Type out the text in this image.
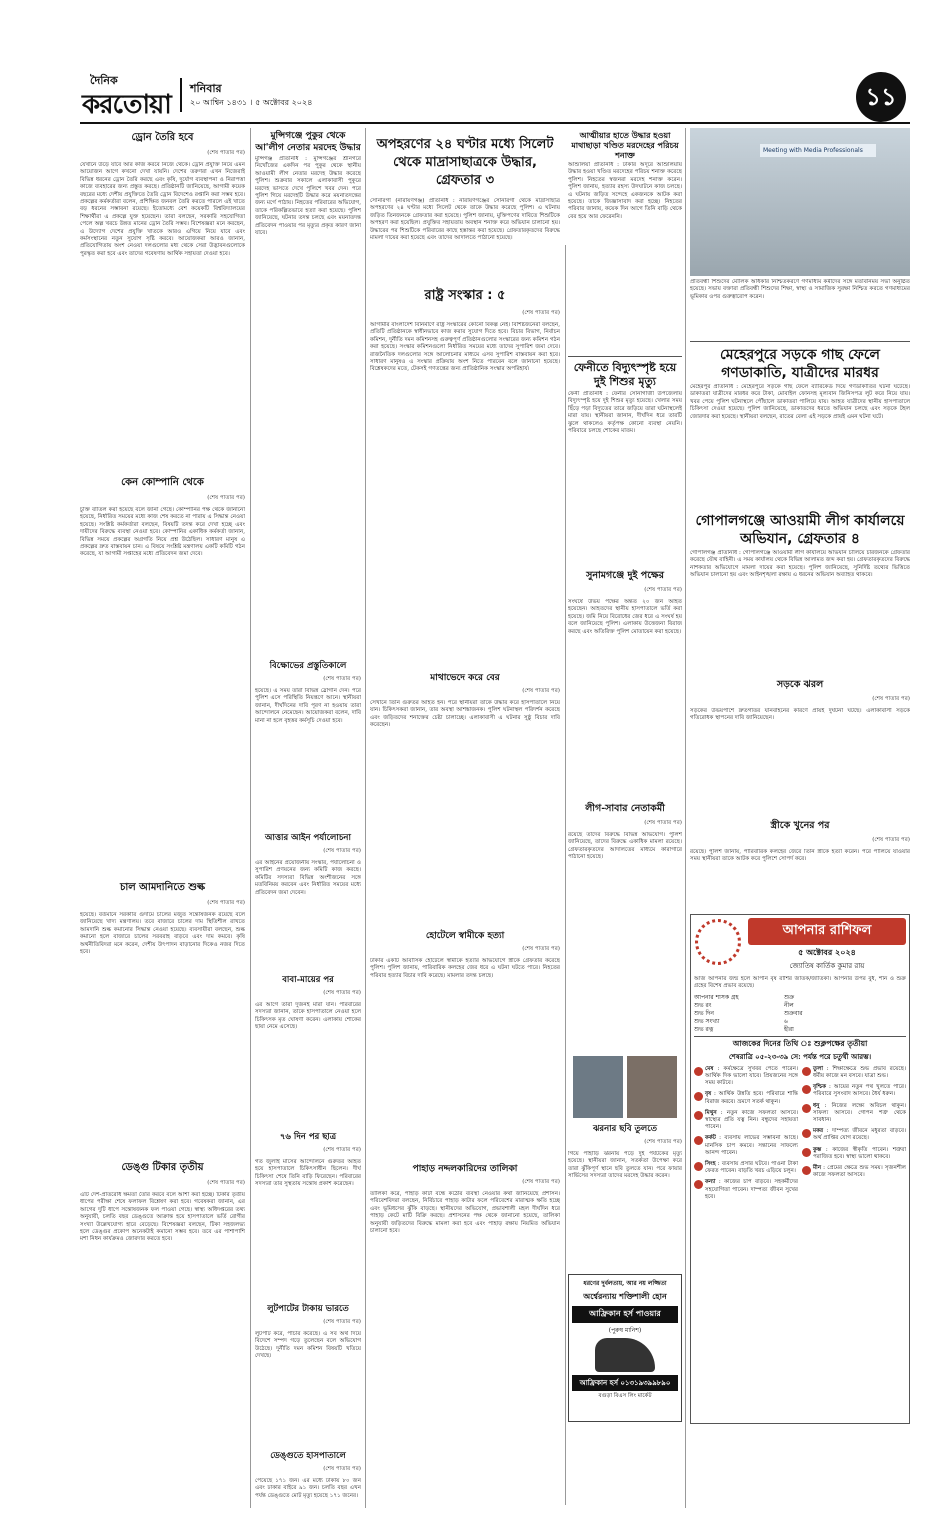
দৈনিক
করতোয়া
শনিবার
২০ আশ্বিন ১৪৩১ । ৫ অক্টোবর ২০২৪	১১
ড্রোন তৈরি হবে
(শেষ পাতার পর)

যেখানে উড়ে যাবে আর কাজ করবে নিজে থেকে। ড্রোন প্রযুক্তি নিয়ে এমন আয়োজন আগে কখনো দেখা যায়নি। দেশের তরুণরা এখন নিজেরাই বিভিন্ন ধরনের ড্রোন তৈরি করছে এবং কৃষি, দুর্যোগ ব্যবস্থাপনা ও নিরাপত্তা কাজে ব্যবহারের জন্য প্রস্তুত করছে। প্রতিষ্ঠানটি জানিয়েছে, আগামী কয়েক বছরের মধ্যে দেশীয় প্রযুক্তিতে তৈরি ড্রোন বিদেশেও রপ্তানি করা সম্ভব হবে। প্রকল্পের কর্মকর্তারা বলেন, প্রশিক্ষিত জনবল তৈরি করতে পারলে এই খাতে বড় ধরনের সম্ভাবনা রয়েছে। ইতোমধ্যে বেশ কয়েকটি বিশ্ববিদ্যালয়ের শিক্ষার্থীরা এ প্রকল্পে যুক্ত হয়েছেন। তারা বলছেন, সরকারি সহযোগিতা পেলে অল্প খরচে উন্নত মানের ড্রোন তৈরি সম্ভব। বিশেষজ্ঞরা মনে করছেন, এ উদ্যোগ দেশের প্রযুক্তি খাতকে আরও এগিয়ে নিয়ে যাবে এবং কর্মসংস্থানের নতুন সুযোগ সৃষ্টি করবে। আয়োজকরা আরও জানান, প্রতিযোগিতায় অংশ নেওয়া দলগুলোর মধ্য থেকে সেরা উদ্ভাবনগুলোকে পুরস্কৃত করা হবে এবং তাদের গবেষণায় আর্থিক সহায়তা দেওয়া হবে।

কেন কোম্পানি থেকে
(শেষ পাতার পর)

চুক্তি বাতিল করা হয়েছে বলে জানা গেছে। কোম্পানির পক্ষ থেকে জানানো হয়েছে, নির্ধারিত সময়ের মধ্যে কাজ শেষ করতে না পারায় এ সিদ্ধান্ত নেওয়া হয়েছে। সংশ্লিষ্ট কর্মকর্তারা বলছেন, বিষয়টি তদন্ত করে দেখা হচ্ছে এবং দায়ীদের বিরুদ্ধে ব্যবস্থা নেওয়া হবে। কোম্পানির একাধিক কর্মকর্তা জানান, বিভিন্ন সময়ে প্রকল্পের অগ্রগতি নিয়ে প্রশ্ন উঠেছিল। সাধারণ মানুষ এ প্রকল্পের দ্রুত বাস্তবায়ন চান। এ বিষয়ে সংশ্লিষ্ট মন্ত্রণালয় একটি কমিটি গঠন করেছে, যা আগামী সপ্তাহের মধ্যে প্রতিবেদন জমা দেবে।

চাল আমদানিতে শুল্ক
(শেষ পাতার পর)

হয়েছে। বর্তমানে সরকারি গুদামে চালের মজুত সন্তোষজনক রয়েছে বলে জানিয়েছে খাদ্য মন্ত্রণালয়। তবে বাজারে চালের দাম স্থিতিশীল রাখতে আমদানি শুল্ক কমানোর সিদ্ধান্ত নেওয়া হয়েছে। ব্যবসায়ীরা বলছেন, শুল্ক কমানো হলে বাজারে চালের সরবরাহ বাড়বে এবং দাম কমবে। কৃষি অর্থনীতিবিদরা মনে করেন, দেশীয় উৎপাদন বাড়ানোর দিকেও নজর দিতে হবে।

ডেঙ্গু টিকার তৃতীয়
(শেষ পাতার পর)

এটি দেশ-প্রতিরোধ ক্ষমতা তৈরি করবে বলে আশা করা হচ্ছে। টিকার তৃতীয় ধাপের পরীক্ষা শেষে ফলাফল বিশ্লেষণ করা হবে। গবেষকরা জানান, এর আগের দুটি ধাপে সন্তোষজনক ফল পাওয়া গেছে। স্বাস্থ্য অধিদপ্তরের তথ্য অনুযায়ী, চলতি বছর ডেঙ্গুতে আক্রান্ত হয়ে হাসপাতালে ভর্তি রোগীর সংখ্যা উল্লেখযোগ্য হারে বেড়েছে। বিশেষজ্ঞরা বলছেন, টিকা সহজলভ্য হলে ডেঙ্গুর প্রকোপ অনেকটাই কমানো সম্ভব হবে। তবে এর পাশাপাশি মশা নিধন কার্যক্রমও জোরদার করতে হবে।

মুন্সিগঞ্জে পুকুর থেকে আ'লীগ নেতার মরদেহ উদ্ধার

মুন্সিগঞ্জ প্রতিনিধি : মুন্সিগঞ্জের শ্রীনগরে নিখোঁজের একদিন পর পুকুর থেকে স্থানীয় আওয়ামী লীগ নেতার মরদেহ উদ্ধার করেছে পুলিশ। শুক্রবার সকালে এলাকাবাসী পুকুরে মরদেহ ভাসতে দেখে পুলিশে খবর দেন। পরে পুলিশ গিয়ে মরদেহটি উদ্ধার করে ময়নাতদন্তের জন্য মর্গে পাঠায়। নিহতের পরিবারের অভিযোগ, তাকে পরিকল্পিতভাবে হত্যা করা হয়েছে। পুলিশ জানিয়েছে, ঘটনার তদন্ত চলছে এবং ময়নাতদন্ত প্রতিবেদন পাওয়ার পর মৃত্যুর প্রকৃত কারণ জানা যাবে।

বিক্ষোভের প্রস্তুতিকালে
(শেষ পাতার পর)

হয়েছে। এ সময় তারা বিভিন্ন স্লোগান দেন। পরে পুলিশ এসে পরিস্থিতি নিয়ন্ত্রণে আনে। স্থানীয়রা জানান, দীর্ঘদিনের দাবি পূরণ না হওয়ায় তারা আন্দোলনে নেমেছেন। আয়োজকরা বলেন, দাবি মানা না হলে বৃহত্তর কর্মসূচি দেওয়া হবে।

আত্তার আইন পর্যালোচনা
(শেষ পাতার পর)

এর আইনের প্রয়োজনীয় সংস্কার, পর্যালোচনা ও সুপারিশ প্রণয়নের জন্য কমিটি কাজ করছে। কমিটির সদস্যরা বিভিন্ন অংশীজনের সঙ্গে মতবিনিময় করবেন এবং নির্ধারিত সময়ের মধ্যে প্রতিবেদন জমা দেবেন।

বাবা-মায়ের পর
(শেষ পাতার পর)

এর আগে তারা দুজনই মারা যান। পরিবারের সদস্যরা জানান, তাকে হাসপাতালে নেওয়া হলে চিকিৎসক মৃত ঘোষণা করেন। এলাকায় শোকের ছায়া নেমে এসেছে।

৭৬ দিন পর ছাত্র
(শেষ পাতার পর)

গত জুলাই মাসের আন্দোলনে গুরুতর আহত হয়ে হাসপাতালে চিকিৎসাধীন ছিলেন। দীর্ঘ চিকিৎসা শেষে তিনি বাড়ি ফিরেছেন। পরিবারের সদস্যরা তার সুস্থতায় সন্তোষ প্রকাশ করেছেন।

লুটপাটের টাকায় ভারতে
(শেষ পাতার পর)

লুটপাট করে, পাচার করেছে। এ সব অর্থ দিয়ে বিদেশে সম্পদ গড়ে তুলেছেন বলে অভিযোগ উঠেছে। দুর্নীতি দমন কমিশন বিষয়টি খতিয়ে দেখছে।

ডেঙ্গুতে হাসপাতালে
(শেষ পাতার পর)

পেয়েছে ১৭১ জন। এর মধ্যে ঢাকায় ৮০ জন এবং ঢাকার বাইরে ৯১ জন। চলতি বছর এখন পর্যন্ত ডেঙ্গুতে মোট মৃত্যু হয়েছে ১৭১ জনের।

অপহরণের ২৪ ঘণ্টার মধ্যে সিলেট থেকে মাদ্রাসাছাত্রকে উদ্ধার, গ্রেফতার ৩

সোনারগাঁ (নারায়ণগঞ্জ) প্রতিনিধি : নারায়ণগঞ্জের সোনারগাঁ থেকে মাদ্রাসাছাত্র অপহরণের ২৪ ঘণ্টার মধ্যে সিলেট থেকে তাকে উদ্ধার করেছে পুলিশ। এ ঘটনায় জড়িত তিনজনকে গ্রেফতার করা হয়েছে। পুলিশ জানায়, মুক্তিপণের দাবিতে শিশুটিকে অপহরণ করা হয়েছিল। প্রযুক্তির সহায়তায় অবস্থান শনাক্ত করে অভিযান চালানো হয়। উদ্ধারের পর শিশুটিকে পরিবারের কাছে হস্তান্তর করা হয়েছে। গ্রেফতারকৃতদের বিরুদ্ধে মামলা দায়ের করা হয়েছে এবং তাদের আদালতে পাঠানো হয়েছে।

রাষ্ট্র সংস্কার : ৫
(শেষ পাতার পর)

আগামীর বাংলাদেশ বিনির্মাণে রাষ্ট্র সংস্কারের কোনো বিকল্প নেই। বিশিষ্টজনেরা বলছেন, প্রতিটি প্রতিষ্ঠানকে স্বাধীনভাবে কাজ করার সুযোগ দিতে হবে। বিচার বিভাগ, নির্বাচন কমিশন, দুর্নীতি দমন কমিশনসহ গুরুত্বপূর্ণ প্রতিষ্ঠানগুলোর সংস্কারের জন্য কমিশন গঠন করা হয়েছে। সংস্কার কমিশনগুলো নির্ধারিত সময়ের মধ্যে তাদের সুপারিশ জমা দেবে। রাজনৈতিক দলগুলোর সঙ্গে আলোচনার মাধ্যমে এসব সুপারিশ বাস্তবায়ন করা হবে। সাধারণ মানুষও এ সংস্কার প্রক্রিয়ায় অংশ নিতে পারবেন বলে জানানো হয়েছে। বিশ্লেষকদের মতে, টেকসই গণতন্ত্রের জন্য প্রাতিষ্ঠানিক সংস্কার অপরিহার্য।

মাথাভেদে করে বের
(শেষ পাতার পর)

সেখানে তিনি গুরুতর আহত হন। পরে স্থানীয়রা তাকে উদ্ধার করে হাসপাতালে নিয়ে যান। চিকিৎসকরা জানান, তার অবস্থা আশঙ্কাজনক। পুলিশ ঘটনাস্থল পরিদর্শন করেছে এবং জড়িতদের শনাক্তের চেষ্টা চালাচ্ছে। এলাকাবাসী এ ঘটনার সুষ্ঠু বিচার দাবি করেছেন।

হোটেলে স্বামীকে হত্যা
(শেষ পাতার পর)

ঢাকার একটি আবাসিক হোটেলে স্বামীকে হত্যার অভিযোগে স্ত্রীকে গ্রেফতার করেছে পুলিশ। পুলিশ জানায়, পারিবারিক কলহের জের ধরে এ ঘটনা ঘটতে পারে। নিহতের পরিবার হত্যার বিচার দাবি করেছে। মামলার তদন্ত চলছে।

পাহাড় নদ্দলকারিদের তালিকা
(শেষ পাতার পর)

তালিকা করে, পাহাড় কাটা বন্ধে কঠোর ব্যবস্থা নেওয়ার কথা জানিয়েছে প্রশাসন। পরিবেশবিদরা বলছেন, নির্বিচারে পাহাড় কাটার ফলে পরিবেশের মারাত্মক ক্ষতি হচ্ছে এবং ভূমিধসের ঝুঁকি বাড়ছে। স্থানীয়দের অভিযোগ, প্রভাবশালী মহল দীর্ঘদিন ধরে পাহাড় কেটে মাটি বিক্রি করছে। প্রশাসনের পক্ষ থেকে জানানো হয়েছে, তালিকা অনুযায়ী জড়িতদের বিরুদ্ধে মামলা করা হবে এবং পাহাড় রক্ষায় নিয়মিত অভিযান চালানো হবে।

আত্মীয়ার হাতে উদ্ধার হওয়া মাথাছাড়া খণ্ডিত মরদেহের পরিচয় শনাক্ত

আশুলিয়া প্রতিনিধি : ঢাকার অদূরে আশুলিয়ায় উদ্ধার হওয়া খণ্ডিত মরদেহের পরিচয় শনাক্ত করেছে পুলিশ। নিহতের স্বজনরা মরদেহ শনাক্ত করেন। পুলিশ জানায়, হত্যার রহস্য উদঘাটনে কাজ চলছে। এ ঘটনায় জড়িত সন্দেহে একজনকে আটক করা হয়েছে। তাকে জিজ্ঞাসাবাদ করা হচ্ছে। নিহতের পরিবার জানায়, কয়েক দিন আগে তিনি বাড়ি থেকে বের হয়ে আর ফেরেননি।

ফেনীতে বিদ্যুৎস্পৃষ্ট হয়ে দুই শিশুর মৃত্যু

ফেনী প্রতিনিধি : ফেনীর সোনাগাজী উপজেলায় বিদ্যুৎস্পৃষ্ট হয়ে দুই শিশুর মৃত্যু হয়েছে। খেলার সময় ছিঁড়ে পড়া বিদ্যুতের তারে জড়িয়ে তারা ঘটনাস্থলেই মারা যায়। স্থানীয়রা জানান, দীর্ঘদিন ধরে তারটি ঝুলে থাকলেও কর্তৃপক্ষ কোনো ব্যবস্থা নেয়নি। পরিবারে চলছে শোকের মাতম।

সুনামগঞ্জে দুই পক্ষের
(শেষ পাতার পর)

সংঘর্ষে উভয় পক্ষের অন্তত ২০ জন আহত হয়েছেন। আহতদের স্থানীয় হাসপাতালে ভর্তি করা হয়েছে। জমি নিয়ে বিরোধের জের ধরে এ সংঘর্ষ হয় বলে জানিয়েছে পুলিশ। এলাকায় উত্তেজনা বিরাজ করছে এবং অতিরিক্ত পুলিশ মোতায়েন করা হয়েছে।

লীগ-সাবার নেতাকর্মী
(শেষ পাতার পর)

রয়েছে তাদের বিরুদ্ধে বিভিন্ন অভিযোগ। পুলিশ জানিয়েছে, তাদের বিরুদ্ধে একাধিক মামলা রয়েছে। গ্রেফতারকৃতদের আদালতের মাধ্যমে কারাগারে পাঠানো হয়েছে।

ঝরনার ছবি তুলতে
(শেষ পাতার পর)

গিয়ে পাহাড়ি ঝরনায় পড়ে দুই পর্যটকের মৃত্যু হয়েছে। স্থানীয়রা জানান, সতর্কতা উপেক্ষা করে তারা ঝুঁকিপূর্ণ স্থানে ছবি তুলতে যান। পরে ফায়ার সার্ভিসের সদস্যরা তাদের মরদেহ উদ্ধার করেন।

ধরণের দুর্বলতায়, আর নয় লজ্জিতা
অর্শ্বেরন্যায় শক্তিশালী হোন
আফ্রিকান হর্স পাওয়ার
(পুরুষ মানিশ)
আফ্রিকান হর্স ০১৩১৯৩৯৯৮৯০
বগুড়া বিএস লিং মার্কেট
Meeting with Media Professionals

প্রতিবন্ধী শিশুদের মৌলিক অধিকার নিশ্চিতকরণে গণমাধ্যম কর্মীদের সঙ্গে মতবিনিময় সভা অনুষ্ঠিত হয়েছে। সভায় বক্তারা প্রতিবন্ধী শিশুদের শিক্ষা, স্বাস্থ্য ও সামাজিক সুরক্ষা নিশ্চিত করতে গণমাধ্যমের ভূমিকার ওপর গুরুত্বারোপ করেন।

মেহেরপুরে সড়কে গাছ ফেলে গণডাকাতি, যাত্রীদের মারধর

মেহেরপুর প্রতিনিধি : মেহেরপুরে সড়কে গাছ ফেলে ব্যারিকেড দিয়ে গণডাকাতির ঘটনা ঘটেছে। ডাকাতরা যাত্রীদের মারধর করে টাকা, মোবাইল ফোনসহ মূল্যবান জিনিসপত্র লুট করে নিয়ে যায়। খবর পেয়ে পুলিশ ঘটনাস্থলে পৌঁছালে ডাকাতরা পালিয়ে যায়। আহত যাত্রীদের স্থানীয় হাসপাতালে চিকিৎসা দেওয়া হয়েছে। পুলিশ জানিয়েছে, ডাকাতদের ধরতে অভিযান চলছে এবং সড়কে টহল জোরদার করা হয়েছে। স্থানীয়রা বলছেন, রাতের বেলা এই সড়কে প্রায়ই এমন ঘটনা ঘটে।

গোপালগঞ্জে আওয়ামী লীগ কার্যালয়ে অভিযান, গ্রেফতার ৪

গোপালগঞ্জ প্রতিনিধি : গোপালগঞ্জে আওয়ামী লীগ কার্যালয়ে অভিযান চালিয়ে চারজনকে গ্রেফতার করেছে যৌথ বাহিনী। এ সময় কার্যালয় থেকে বিভিন্ন আলামত জব্দ করা হয়। গ্রেফতারকৃতদের বিরুদ্ধে নাশকতার অভিযোগে মামলা দায়ের করা হয়েছে। পুলিশ জানিয়েছে, সুনির্দিষ্ট তথ্যের ভিত্তিতে অভিযান চালানো হয় এবং আইনশৃঙ্খলা রক্ষায় এ ধরনের অভিযান অব্যাহত থাকবে।

সড়কে ঝরল
(শেষ পাতার পর)

সড়কের উভয়পাশে দ্রুতগতির যানবাহনের কারণে প্রায়ই দুর্ঘটনা ঘটছে। এলাকাবাসী সড়কে গতিরোধক স্থাপনের দাবি জানিয়েছেন।

স্ত্রীকে খুনের পর
(শেষ পাতার পর)

রয়েছে। পুলিশ জানায়, পারিবারিক কলহের জেরে তিনি স্ত্রীকে হত্যা করেন। পরে পালিয়ে যাওয়ার সময় স্থানীয়রা তাকে আটক করে পুলিশে সোপর্দ করে।

আপনার রাশিফল
৫ অক্টোবর ২০২৪
জ্যোতিষ কার্তিক কুমার রায়

আজ আপনার জন্ম হলে আপনি বৃষ রাশির জাতক/জাতিকা। আপনার উপর বুধ, শনি ও শুক্র গ্রহের বিশেষ প্রভাব রয়েছে।

আপনার শাসক গ্রহ	শুক্র
শুভ রং	নীল
শুভ দিন	শুক্রবার
শুভ সংখ্যা	৬
শুভ রত্ন	হীরা
আজকের দিনের তিথি ঃ শুক্লপক্ষের তৃতীয়া
শেষরাত্রি ০৫-২৩-৩৯ সে: পর্যন্ত পরে চতুর্থী আরম্ভ।
মেষ : কর্মক্ষেত্রে সুখবর পেতে পারেন। আর্থিক দিক ভালো যাবে। প্রিয়জনের সঙ্গে সময় কাটবে।
বৃষ : আর্থিক উন্নতি হবে। পরিবারে শান্তি বিরাজ করবে। ভ্রমণে সতর্ক থাকুন।
মিথুন : নতুন কাজে সফলতা আসবে। স্বাস্থ্যের প্রতি যত্ন নিন। বন্ধুদের সহায়তা পাবেন।
কর্কট : ব্যবসায় লাভের সম্ভাবনা আছে। মানসিক চাপ কমবে। সন্তানের সাফল্যে আনন্দ পাবেন।
সিংহ : ব্যবসায় প্রসার ঘটবে। পাওনা টাকা ফেরত পাবেন। বাড়তি খরচ এড়িয়ে চলুন।
কন্যা : কাজের চাপ বাড়বে। সহকর্মীদের সহযোগিতা পাবেন। দাম্পত্য জীবন সুখের হবে।
তুলা : শিক্ষাক্ষেত্রে শুভ প্রভাব রয়েছে। ধর্মীয় কাজে মন বসবে। যাত্রা শুভ।
বৃশ্চিক : আয়ের নতুন পথ খুলতে পারে। পরিবারে সুসংবাদ আসবে। ধৈর্য ধরুন।
ধনু : নিজের লক্ষ্যে অবিচল থাকুন। সাফল্য আসবে। গোপন শত্রু থেকে সাবধান।
মকর : দাম্পত্য জীবনে মধুরতা বাড়বে। অর্থ প্রাপ্তির যোগ রয়েছে।
কুম্ভ : কাজের স্বীকৃতি পাবেন। শত্রুরা পরাজিত হবে। স্বাস্থ্য ভালো থাকবে।
মীন : প্রেমের ক্ষেত্রে শুভ সময়। সৃজনশীল কাজে সফলতা আসবে।
